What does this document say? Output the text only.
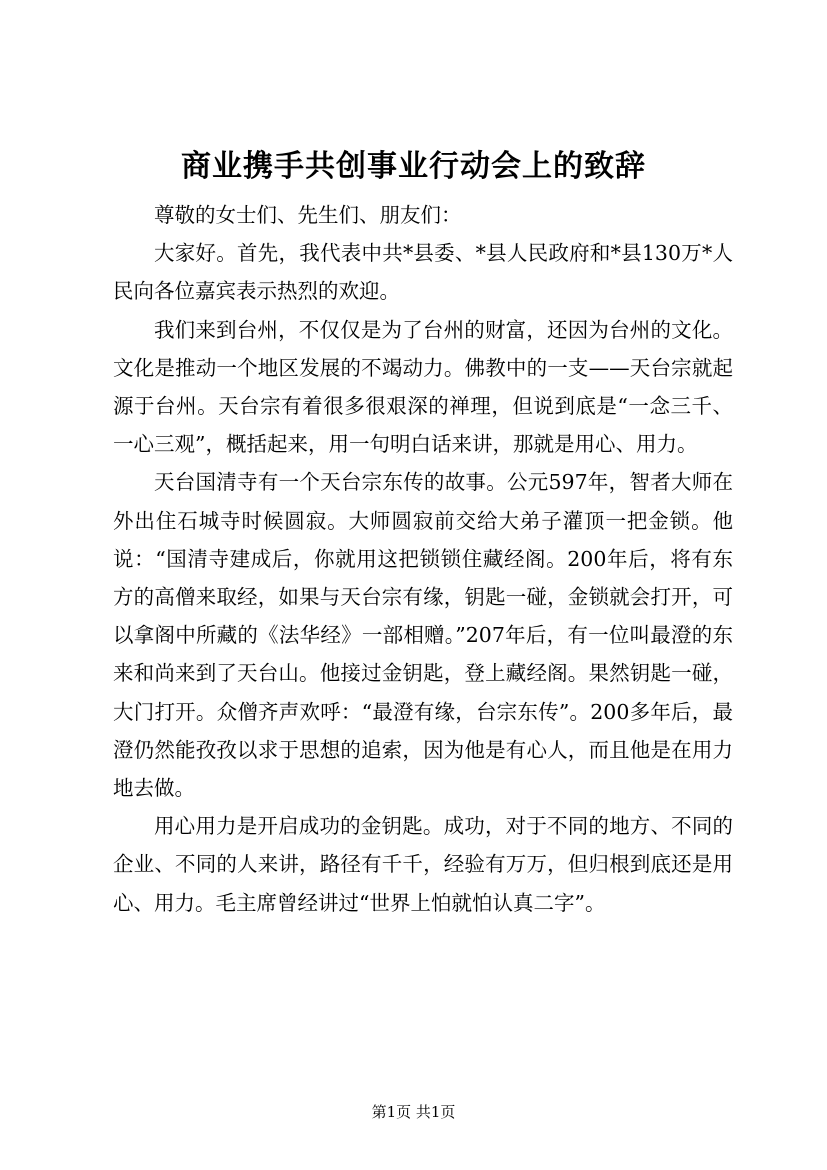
商业携手共创事业行动会上的致辞

尊敬的女士们、先生们、朋友们：

大家好。首先，我代表中共*县委、*县人民政府和*县130万*人民向各位嘉宾表示热烈的欢迎。

我们来到台州，不仅仅是为了台州的财富，还因为台州的文化。文化是推动一个地区发展的不竭动力。佛教中的一支——天台宗就起源于台州。天台宗有着很多很艰深的禅理，但说到底是“一念三千、一心三观”，概括起来，用一句明白话来讲，那就是用心、用力。

天台国清寺有一个天台宗东传的故事。公元597年，智者大师在外出住石城寺时候圆寂。大师圆寂前交给大弟子灌顶一把金锁。他说：“国清寺建成后，你就用这把锁锁住藏经阁。200年后，将有东方的高僧来取经，如果与天台宗有缘，钥匙一碰，金锁就会打开，可以拿阁中所藏的《法华经》一部相赠。”207年后，有一位叫最澄的东来和尚来到了天台山。他接过金钥匙，登上藏经阁。果然钥匙一碰，大门打开。众僧齐声欢呼：“最澄有缘，台宗东传”。200多年后，最澄仍然能孜孜以求于思想的追索，因为他是有心人，而且他是在用力地去做。

用心用力是开启成功的金钥匙。成功，对于不同的地方、不同的企业、不同的人来讲，路径有千千，经验有万万，但归根到底还是用心、用力。毛主席曾经讲过“世界上怕就怕认真二字”。

第1页 共1页
